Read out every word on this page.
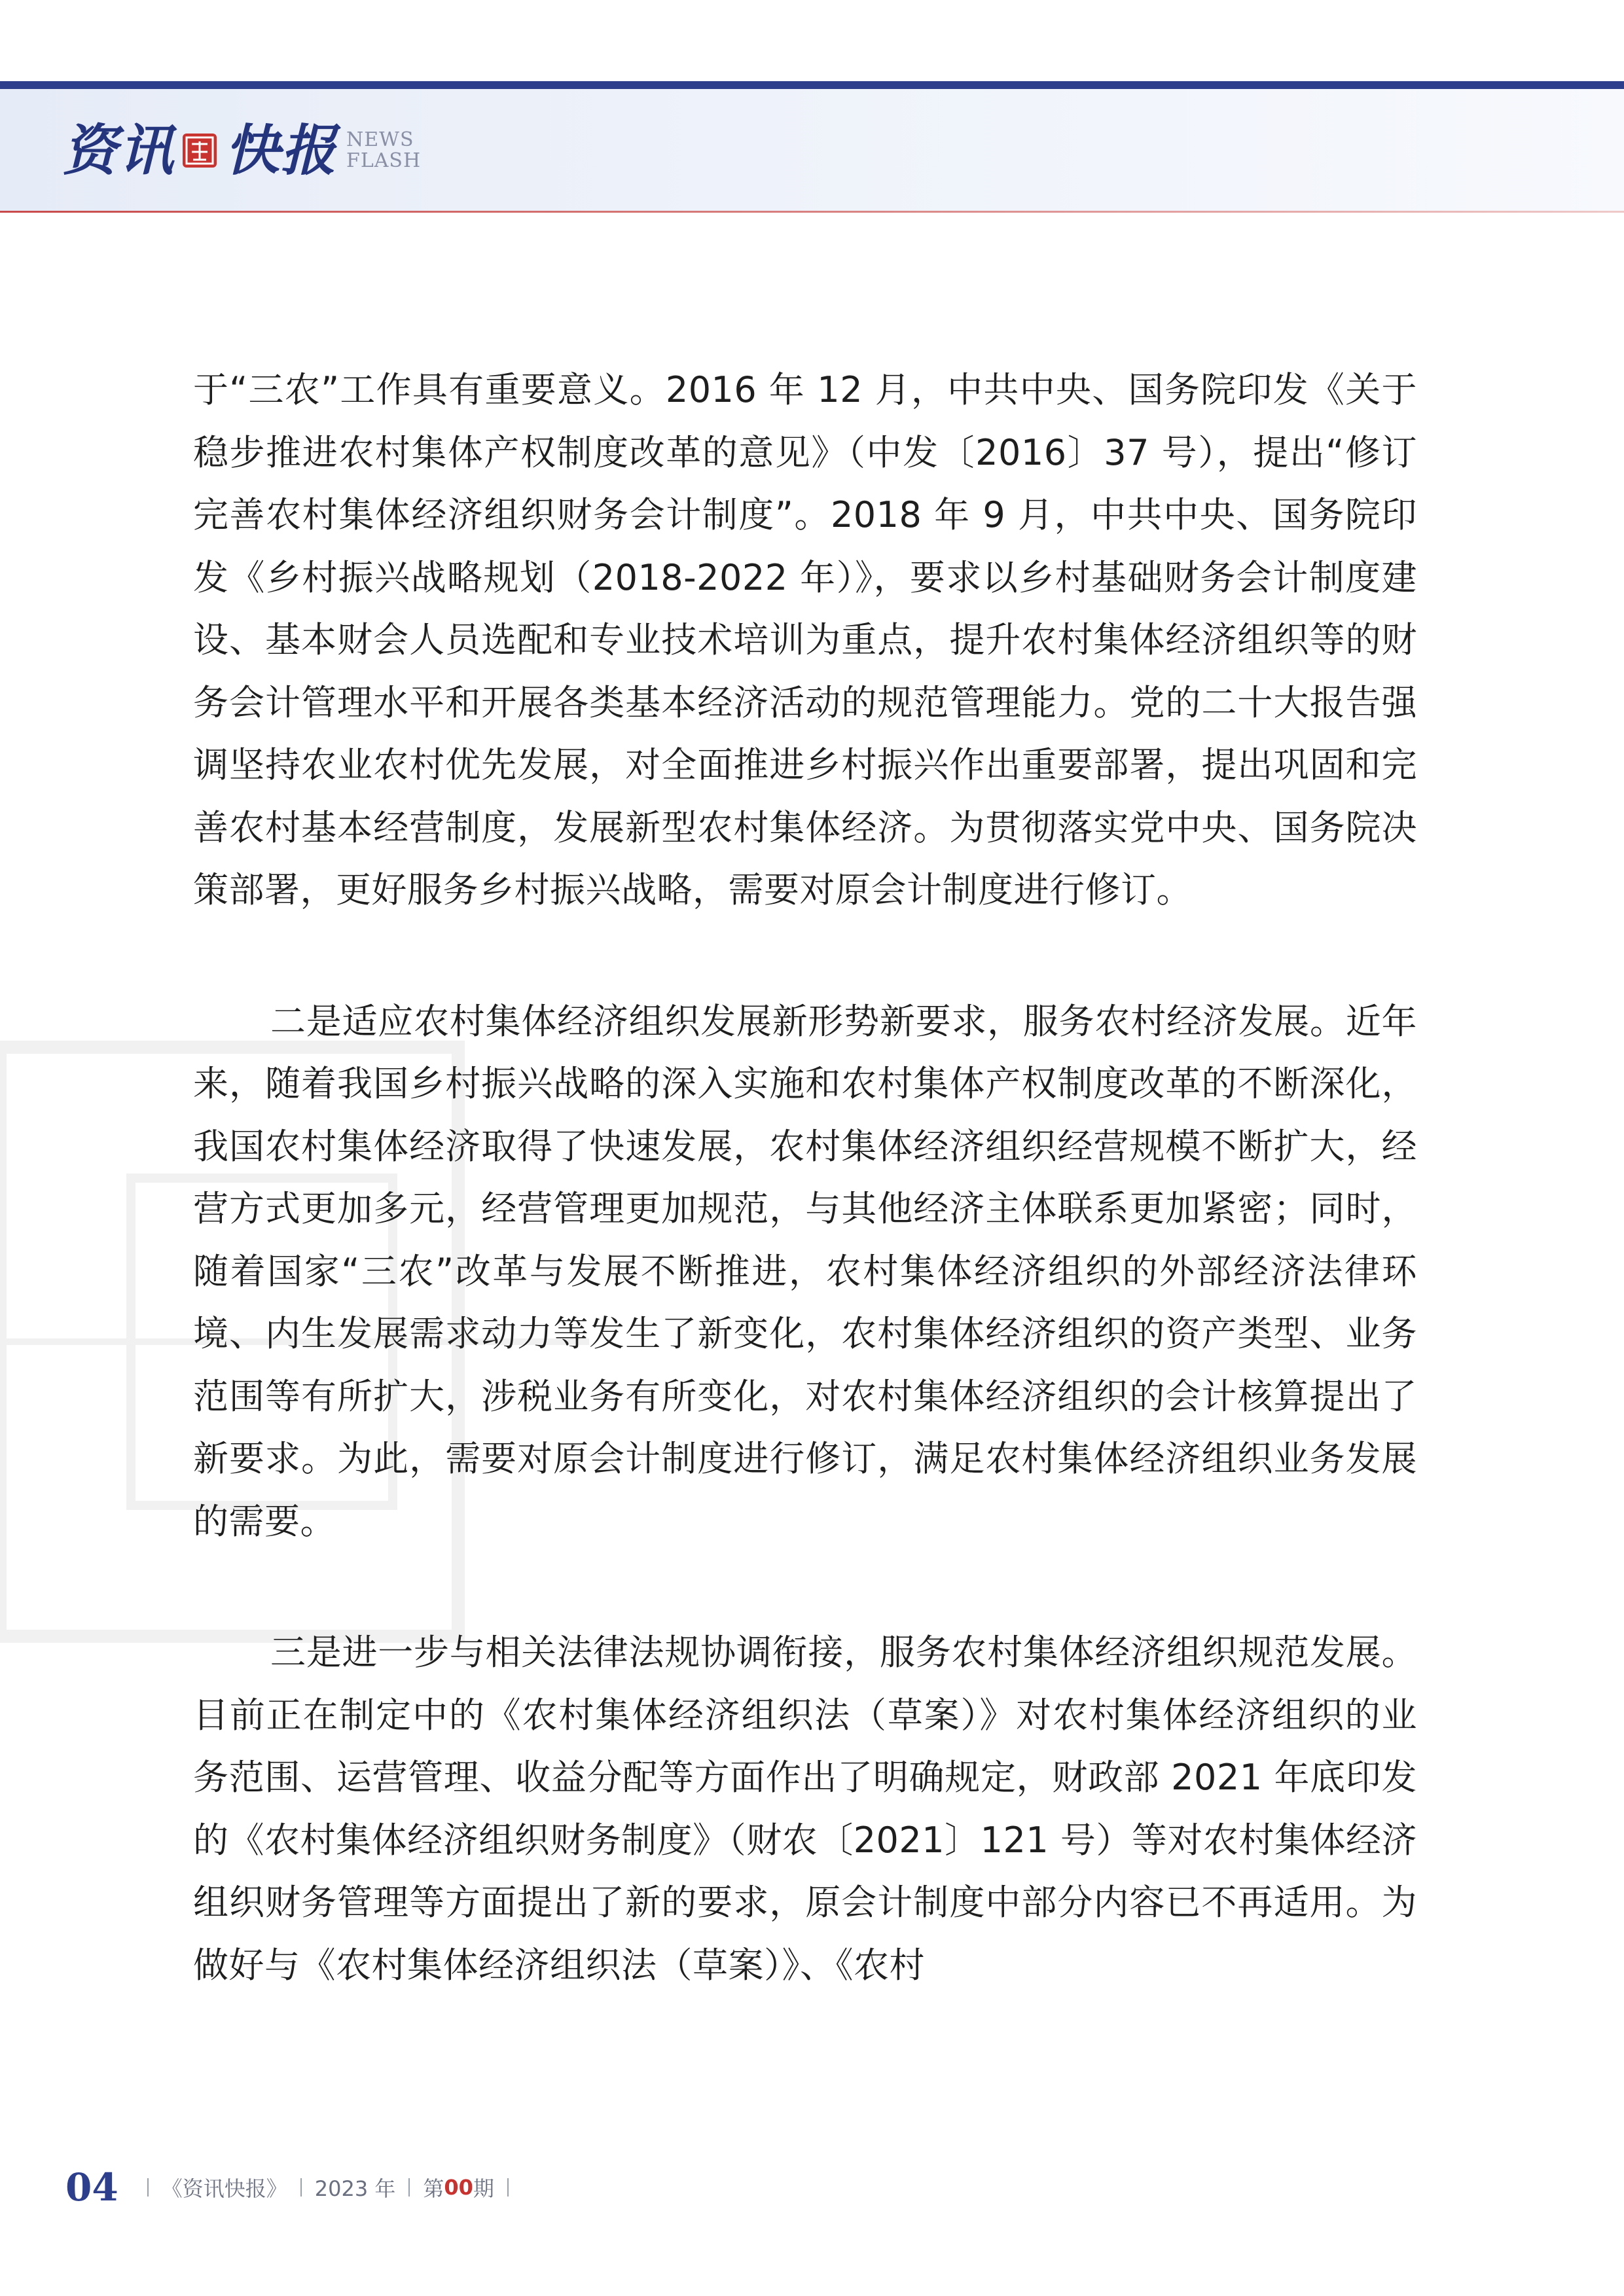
资讯 快报 NEWS
FLASH

于“三农”工作具有重要意义。2016 年 12 月，中共中央、国务院印发《关于稳步推进农村集体产权制度改革的意见》（中发〔2016〕37 号），提出“修订完善农村集体经济组织财务会计制度”。2018 年 9 月，中共中央、国务院印发《乡村振兴战略规划（2018-2022 年）》，要求以乡村基础财务会计制度建设、基本财会人员选配和专业技术培训为重点，提升农村集体经济组织等的财务会计管理水平和开展各类基本经济活动的规范管理能力。党的二十大报告强调坚持农业农村优先发展，对全面推进乡村振兴作出重要部署，提出巩固和完善农村基本经营制度，发展新型农村集体经济。为贯彻落实党中央、国务院决策部署，更好服务乡村振兴战略，需要对原会计制度进行修订。

二是适应农村集体经济组织发展新形势新要求，服务农村经济发展。近年来，随着我国乡村振兴战略的深入实施和农村集体产权制度改革的不断深化，我国农村集体经济取得了快速发展，农村集体经济组织经营规模不断扩大，经营方式更加多元，经营管理更加规范，与其他经济主体联系更加紧密；同时，随着国家“三农”改革与发展不断推进，农村集体经济组织的外部经济法律环境、内生发展需求动力等发生了新变化，农村集体经济组织的资产类型、业务范围等有所扩大，涉税业务有所变化，对农村集体经济组织的会计核算提出了新要求。为此，需要对原会计制度进行修订，满足农村集体经济组织业务发展的需要。

三是进一步与相关法律法规协调衔接，服务农村集体经济组织规范发展。目前正在制定中的《农村集体经济组织法（草案）》对农村集体经济组织的业务范围、运营管理、收益分配等方面作出了明确规定，财政部 2021 年底印发的《农村集体经济组织财务制度》（财农〔2021〕121 号）等对农村集体经济组织财务管理等方面提出了新的要求，原会计制度中部分内容已不再适用。为做好与《农村集体经济组织法（草案）》、《农村

04 《资讯快报》 2023 年 第 00 期
